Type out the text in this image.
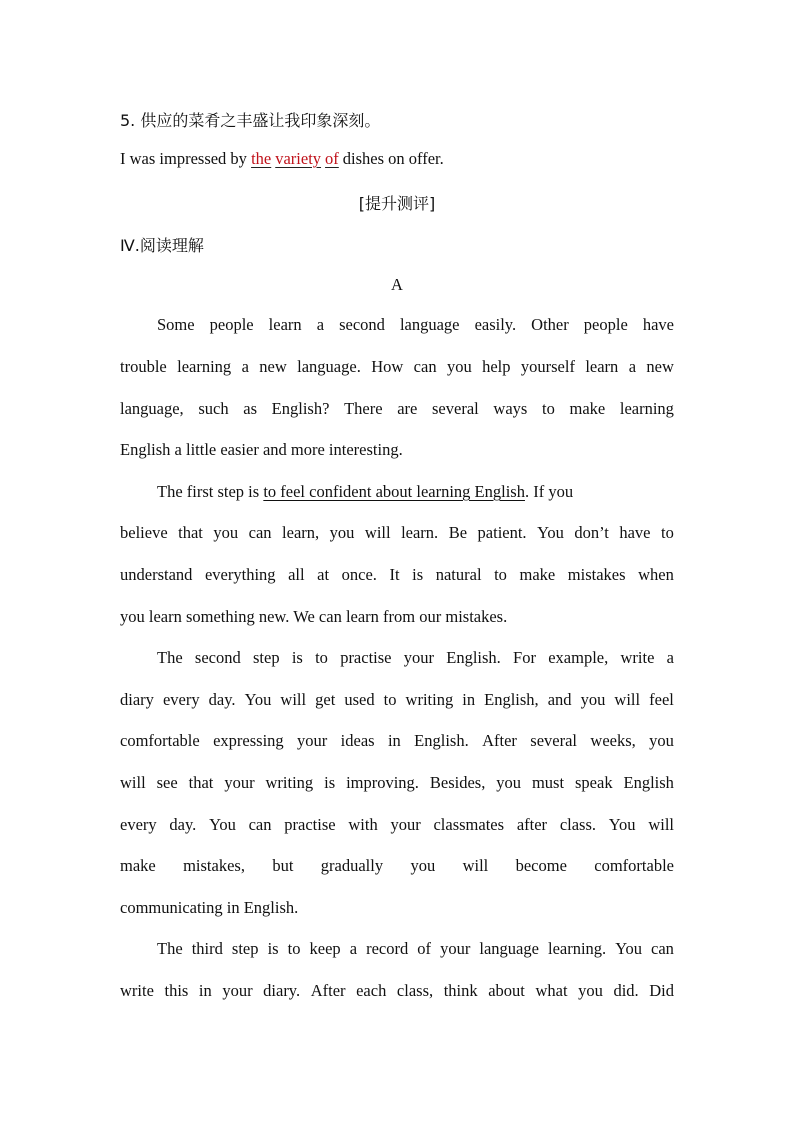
5. 供应的菜肴之丰盛让我印象深刻。
I was impressed by the variety of dishes on offer.
[提升测评]
Ⅳ.阅读理解
A
Some people learn a second language easily. Other people have
trouble learning a new language. How can you help yourself learn a new
language, such as English? There are several ways to make learning
English a little easier and more interesting.
The first step is to feel confident about learning English. If you
believe that you can learn, you will learn. Be patient. You don’t have to
understand everything all at once. It is natural to make mistakes when
you learn something new. We can learn from our mistakes.
The second step is to practise your English. For example, write a
diary every day. You will get used to writing in English, and you will feel
comfortable expressing your ideas in English. After several weeks, you
will see that your writing is improving. Besides, you must speak English
every day. You can practise with your classmates after class. You will
make mistakes, but gradually you will become comfortable
communicating in English.
The third step is to keep a record of your language learning. You can
write this in your diary. After each class, think about what you did. Did
